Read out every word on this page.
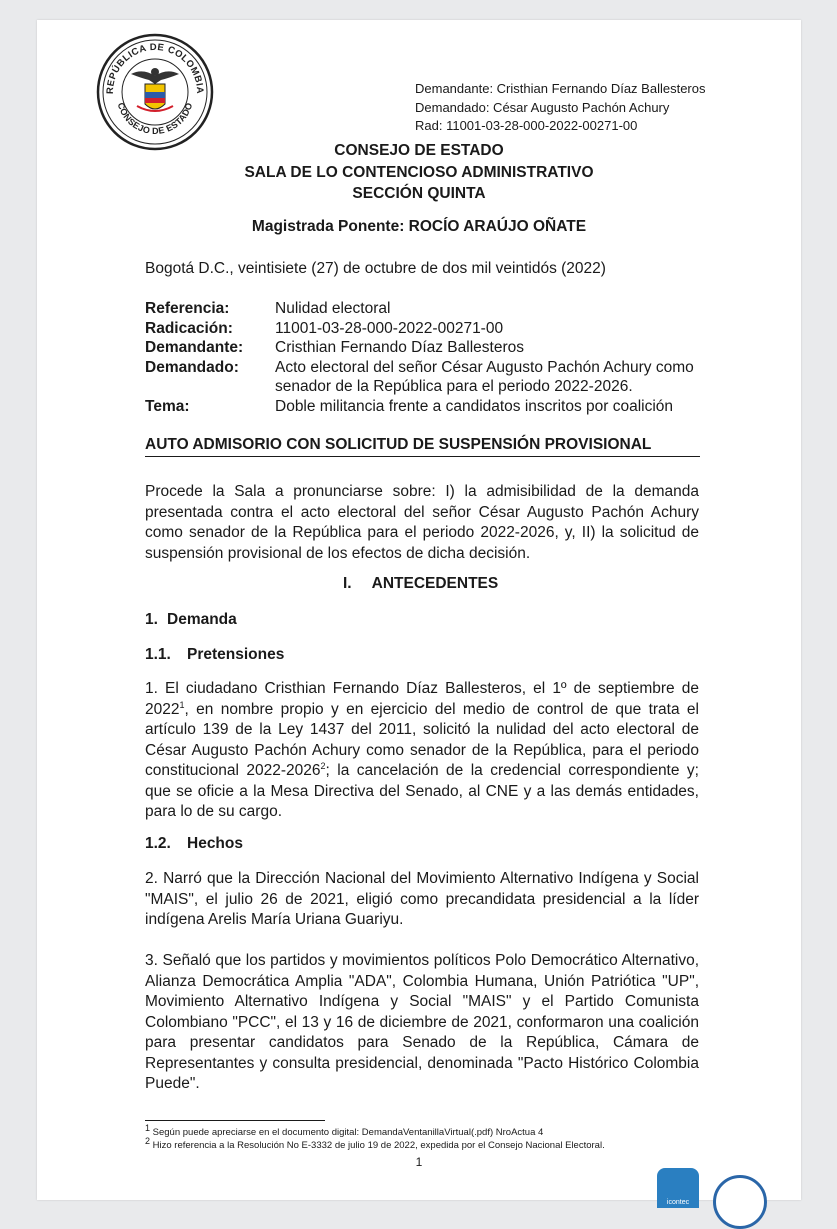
REPÚBLICA DE COLOMBIA
CONSEJO DE ESTADO
Demandante: Cristhian Fernando Díaz Ballesteros
Demandado: César Augusto Pachón Achury
Rad: 11001-03-28-000-2022-00271-00
CONSEJO DE ESTADO
SALA DE LO CONTENCIOSO ADMINISTRATIVO
SECCIÓN QUINTA
Magistrada Ponente: ROCÍO ARAÚJO OÑATE
Bogotá D.C., veintisiete (27) de octubre de dos mil veintidós (2022)
Referencia:	Nulidad electoral
Radicación:	11001-03-28-000-2022-00271-00
Demandante:	Cristhian Fernando Díaz Ballesteros
Demandado:	Acto electoral del señor César Augusto Pachón Achury como senador de la República para el periodo 2022-2026.
Tema:	Doble militancia frente a candidatos inscritos por coalición
AUTO ADMISORIO CON SOLICITUD DE SUSPENSIÓN PROVISIONAL
Procede la Sala a pronunciarse sobre: I) la admisibilidad de la demanda presentada contra el acto electoral del señor César Augusto Pachón Achury como senador de la República para el periodo 2022-2026, y, II) la solicitud de suspensión provisional de los efectos de dicha decisión.
I. ANTECEDENTES
1. Demanda
1.1. Pretensiones
1. El ciudadano Cristhian Fernando Díaz Ballesteros, el 1º de septiembre de 2022$^1$, en nombre propio y en ejercicio del medio de control de que trata el artículo 139 de la Ley 1437 del 2011, solicitó la nulidad del acto electoral de César Augusto Pachón Achury como senador de la República, para el periodo constitucional 2022-2026$^2$; la cancelación de la credencial correspondiente y; que se oficie a la Mesa Directiva del Senado, al CNE y a las demás entidades, para lo de su cargo.
1.2. Hechos
2. Narró que la Dirección Nacional del Movimiento Alternativo Indígena y Social "MAIS", el julio 26 de 2021, eligió como precandidata presidencial a la líder indígena Arelis María Uriana Guariyu.
3. Señaló que los partidos y movimientos políticos Polo Democrático Alternativo, Alianza Democrática Amplia "ADA", Colombia Humana, Unión Patriótica "UP", Movimiento Alternativo Indígena y Social "MAIS" y el Partido Comunista Colombiano "PCC", el 13 y 16 de diciembre de 2021, conformaron una coalición para presentar candidatos para Senado de la República, Cámara de Representantes y consulta presidencial, denominada "Pacto Histórico Colombia Puede".
$^1$ Según puede apreciarse en el documento digital: DemandaVentanillaVirtual(.pdf) NroActua 4
$^2$ Hizo referencia a la Resolución No E-3332 de julio 19 de 2022, expedida por el Consejo Nacional Electoral.
1
icontec
